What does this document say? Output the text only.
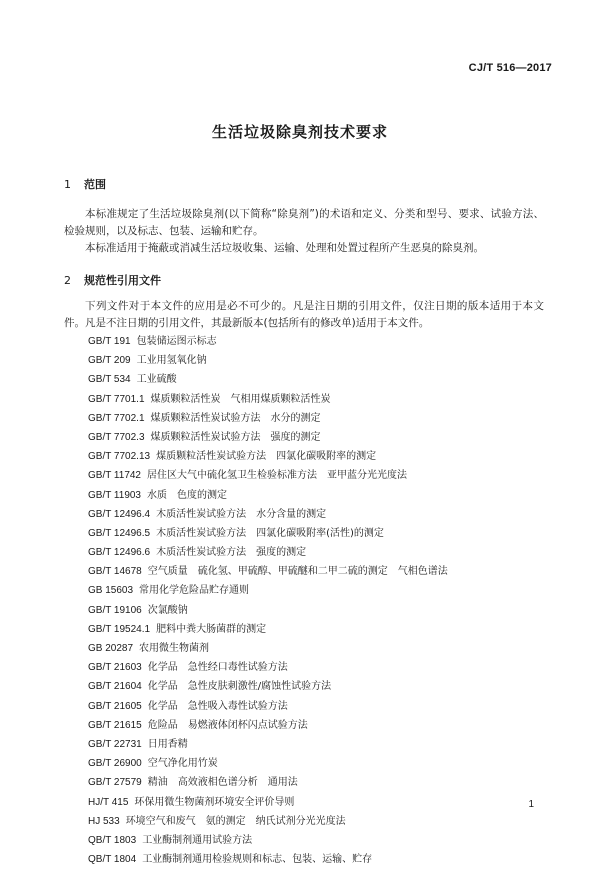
CJ/T 516—2017
生活垃圾除臭剂技术要求
1 范围
本标准规定了生活垃圾除臭剂(以下简称“除臭剂”)的术语和定义、分类和型号、要求、试验方法、检验规则，以及标志、包装、运输和贮存。
本标准适用于掩蔽或消减生活垃圾收集、运输、处理和处置过程所产生恶臭的除臭剂。
2 规范性引用文件
下列文件对于本文件的应用是必不可少的。凡是注日期的引用文件，仅注日期的版本适用于本文件。凡是不注日期的引用文件，其最新版本(包括所有的修改单)适用于本文件。
GB/T 191 包装储运图示标志
GB/T 209 工业用氢氧化钠
GB/T 534 工业硫酸
GB/T 7701.1 煤质颗粒活性炭　气相用煤质颗粒活性炭
GB/T 7702.1 煤质颗粒活性炭试验方法　水分的测定
GB/T 7702.3 煤质颗粒活性炭试验方法　强度的测定
GB/T 7702.13 煤质颗粒活性炭试验方法　四氯化碳吸附率的测定
GB/T 11742 居住区大气中硫化氢卫生检验标准方法　亚甲蓝分光光度法
GB/T 11903 水质　色度的测定
GB/T 12496.4 木质活性炭试验方法　水分含量的测定
GB/T 12496.5 木质活性炭试验方法　四氯化碳吸附率(活性)的测定
GB/T 12496.6 木质活性炭试验方法　强度的测定
GB/T 14678 空气质量　硫化氢、甲硫醇、甲硫醚和二甲二硫的测定　气相色谱法
GB 15603 常用化学危险品贮存通则
GB/T 19106 次氯酸钠
GB/T 19524.1 肥料中粪大肠菌群的测定
GB 20287 农用微生物菌剂
GB/T 21603 化学品　急性经口毒性试验方法
GB/T 21604 化学品　急性皮肤刺激性/腐蚀性试验方法
GB/T 21605 化学品　急性吸入毒性试验方法
GB/T 21615 危险品　易燃液体闭杯闪点试验方法
GB/T 22731 日用香精
GB/T 26900 空气净化用竹炭
GB/T 27579 精油　高效液相色谱分析　通用法
HJ/T 415 环保用微生物菌剂环境安全评价导则
HJ 533 环境空气和废气　氨的测定　纳氏试剂分光光度法
QB/T 1803 工业酶制剂通用试验方法
QB/T 1804 工业酶制剂通用检验规则和标志、包装、运输、贮存
1
